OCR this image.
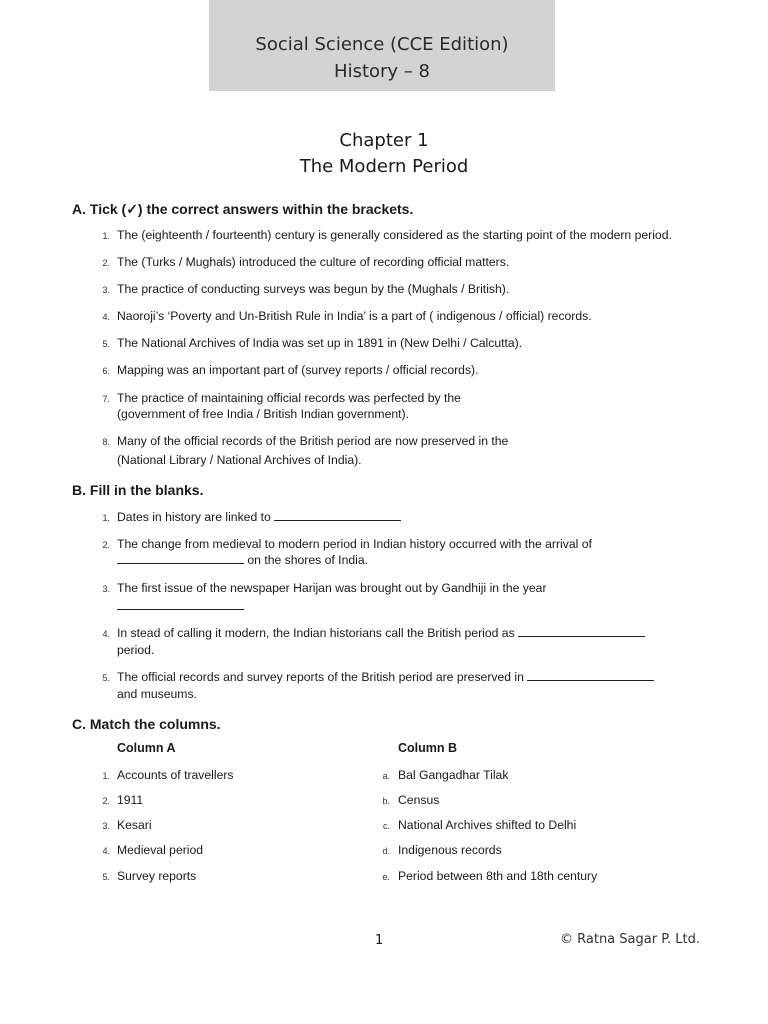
Social Science (CCE Edition)
History – 8
Chapter 1
The Modern Period
A. Tick (✓) the correct answers within the brackets.
1. The (eighteenth / fourteenth) century is generally considered as the starting point of the modern period.
2. The (Turks / Mughals) introduced the culture of recording official matters.
3. The practice of conducting surveys was begun by the (Mughals / British).
4. Naoroji’s ‘Poverty and Un-British Rule in India’ is a part of ( indigenous / official) records.
5. The National Archives of India was set up in 1891 in (New Delhi / Calcutta).
6. Mapping was an important part of (survey reports / official records).
7. The practice of maintaining official records was perfected by the
(government of free India / British Indian government).
8. Many of the official records of the British period are now preserved in the
(National Library / National Archives of India).
B. Fill in the blanks.
1. Dates in history are linked to
2. The change from medieval to modern period in Indian history occurred with the arrival of
on the shores of India.
3. The first issue of the newspaper Harijan was brought out by Gandhiji in the year
4. In stead of calling it modern, the Indian historians call the British period as
period.
5. The official records and survey reports of the British period are preserved in
and museums.
C. Match the columns.
Column A	Column B
1. Accounts of travellers	a. Bal Gangadhar Tilak
2. 1911	b. Census
3. Kesari	c. National Archives shifted to Delhi
4. Medieval period	d. Indigenous records
5. Survey reports	e. Period between 8th and 18th century
1	© Ratna Sagar P. Ltd.
